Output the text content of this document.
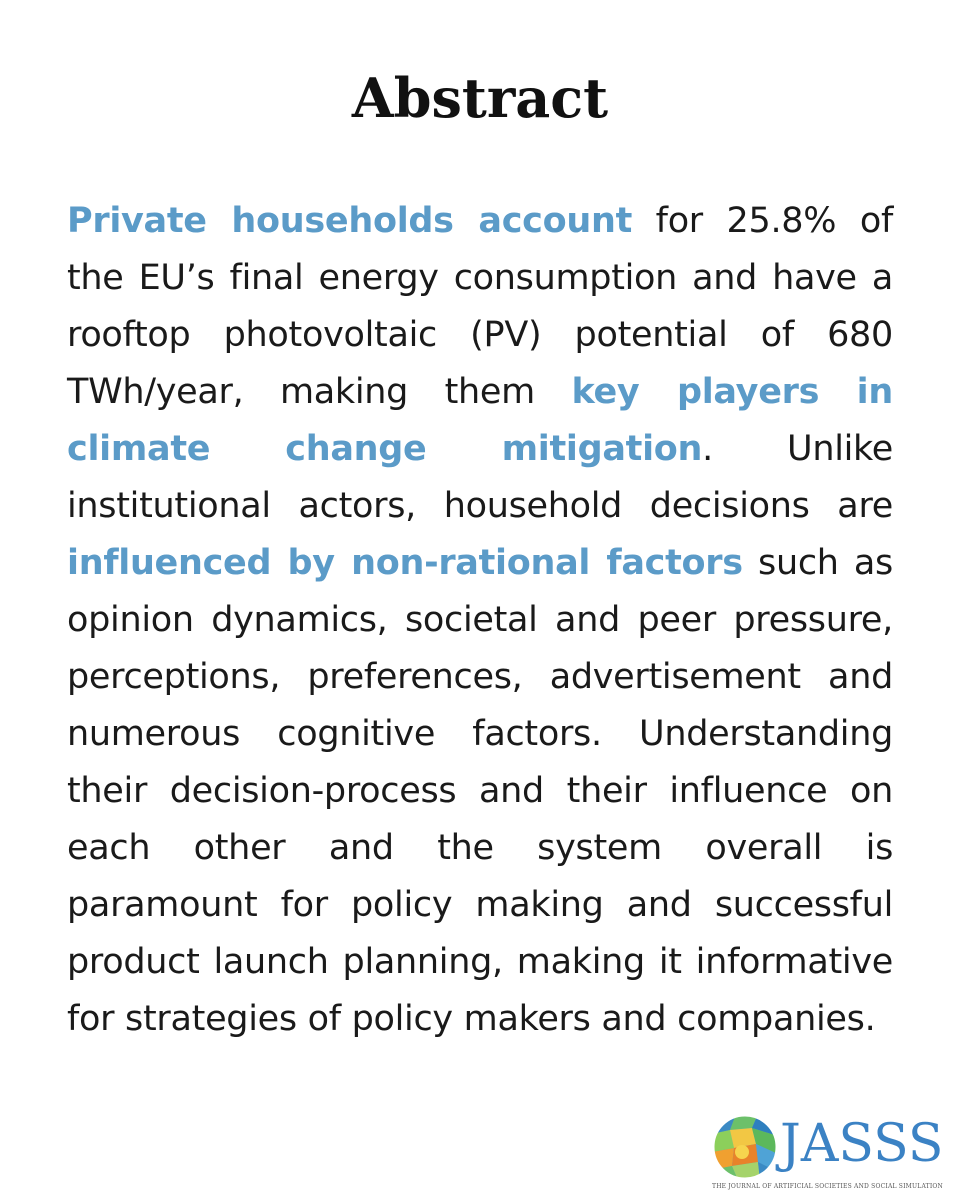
Abstract

Private households account for 25.8% of the EU’s final energy consumption and have a rooftop photovoltaic (PV) potential of 680 TWh/year, making them key players in climate change mitigation. Unlike institutional actors, household decisions are influenced by non-rational factors such as opinion dynamics, societal and peer pressure, perceptions, preferences, advertisement and numerous cognitive factors. Understanding their decision-process and their influence on each other and the system overall is paramount for policy making and successful product launch planning, making it informative for strategies of policy makers and companies.

JASSS
THE JOURNAL OF ARTIFICIAL SOCIETIES AND SOCIAL SIMULATION
